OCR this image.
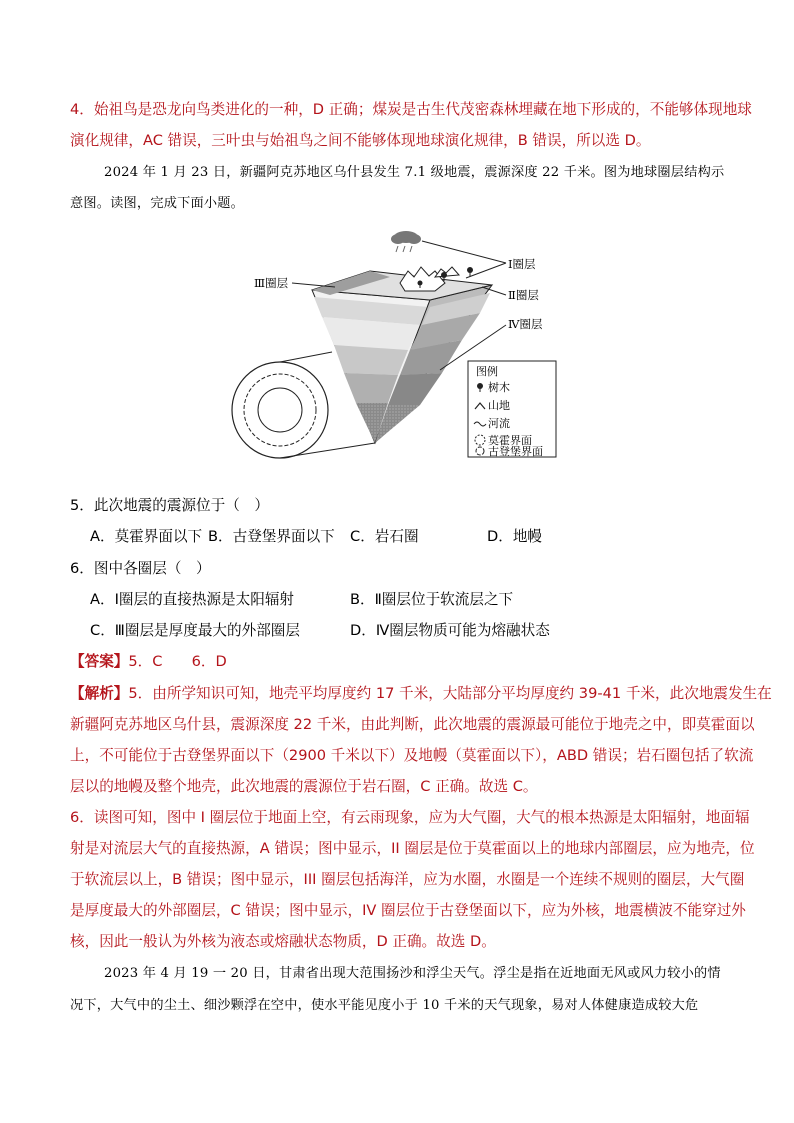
4．始祖鸟是恐龙向鸟类进化的一种，D 正确；煤炭是古生代茂密森林埋藏在地下形成的，不能够体现地球
演化规律，AC 错误，三叶虫与始祖鸟之间不能够体现地球演化规律，B 错误，所以选 D。
2024 年 1 月 23 日，新疆阿克苏地区乌什县发生 7.1 级地震，震源深度 22 千米。图为地球圈层结构示
意图。读图，完成下面小题。
Ⅰ圈层
Ⅱ圈层
Ⅲ圈层
Ⅳ圈层
图例
树木
山地
河流
莫霍界面
古登堡界面
5．此次地震的震源位于（　）
A．莫霍界面以下 B．古登堡界面以下 C．岩石圈	D．地幔
6．图中各圈层（　）
A．Ⅰ圈层的直接热源是太阳辐射	B．Ⅱ圈层位于软流层之下
C．Ⅲ圈层是厚度最大的外部圈层	D．Ⅳ圈层物质可能为熔融状态
【答案】5．C　　6．D
【解析】5．由所学知识可知，地壳平均厚度约 17 千米，大陆部分平均厚度约 39-41 千米，此次地震发生在
新疆阿克苏地区乌什县，震源深度 22 千米，由此判断，此次地震的震源最可能位于地壳之中，即莫霍面以
上，不可能位于古登堡界面以下（2900 千米以下）及地幔（莫霍面以下），ABD 错误；岩石圈包括了软流
层以的地幔及整个地壳，此次地震的震源位于岩石圈，C 正确。故选 C。
6．读图可知，图中 I 圈层位于地面上空，有云雨现象，应为大气圈，大气的根本热源是太阳辐射，地面辐
射是对流层大气的直接热源，A 错误；图中显示，II 圈层是位于莫霍面以上的地球内部圈层，应为地壳，位
于软流层以上，B 错误；图中显示，III 圈层包括海洋，应为水圈，水圈是一个连续不规则的圈层，大气圈
是厚度最大的外部圈层，C 错误；图中显示，IV 圈层位于古登堡面以下，应为外核，地震横波不能穿过外
核，因此一般认为外核为液态或熔融状态物质，D 正确。故选 D。
2023 年 4 月 19 一 20 日，甘肃省出现大范围扬沙和浮尘天气。浮尘是指在近地面无风或风力较小的情
况下，大气中的尘土、细沙颗浮在空中，使水平能见度小于 10 千米的天气现象，易对人体健康造成较大危
